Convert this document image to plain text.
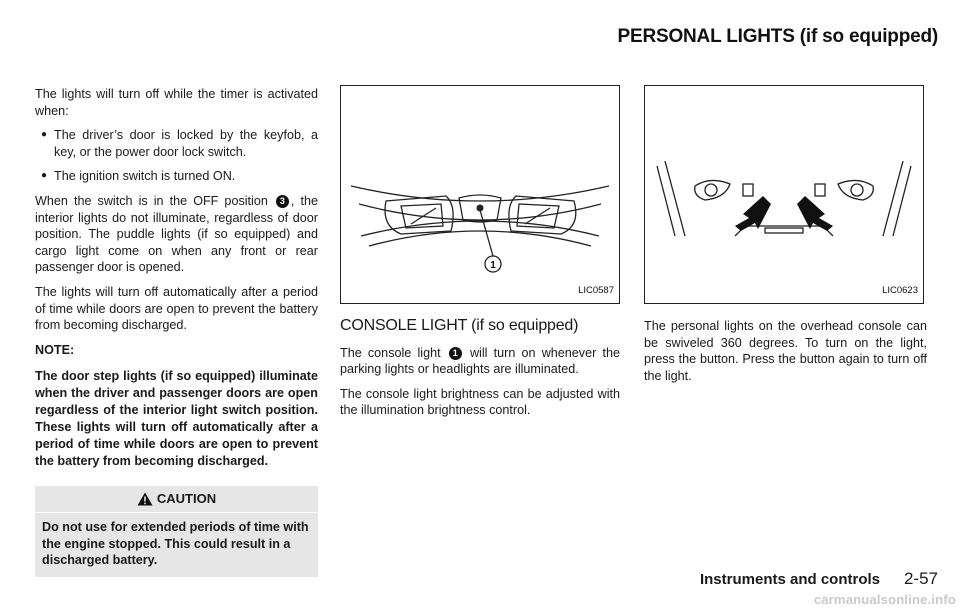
PERSONAL LIGHTS (if so equipped)

The lights will turn off while the timer is activated when:

● The driver’s door is locked by the keyfob, a key, or the power door lock switch.
● The ignition switch is turned ON.

When the switch is in the OFF position 3 , the interior lights do not illuminate, regardless of door position. The puddle lights (if so equipped) and cargo light come on when any front or rear passenger door is opened.

The lights will turn off automatically after a period of time while doors are open to prevent the battery from becoming discharged.

NOTE:
The door step lights (if so equipped) illuminate when the driver and passenger doors are open regardless of the interior light switch position. These lights will turn off automatically after a period of time while doors are open to prevent the battery from becoming discharged.
CAUTION
Do not use for extended periods of time with the engine stopped. This could result in a discharged battery.
1
LIC0587
CONSOLE LIGHT (if so equipped)

The console light 1 will turn on whenever the parking lights or headlights are illuminated.

The console light brightness can be adjusted with the illumination brightness control.

LIC0623

The personal lights on the overhead console can be swiveled 360 degrees. To turn on the light, press the button. Press the button again to turn off the light.

Instruments and controls 2-57
carmanualsonline.info
